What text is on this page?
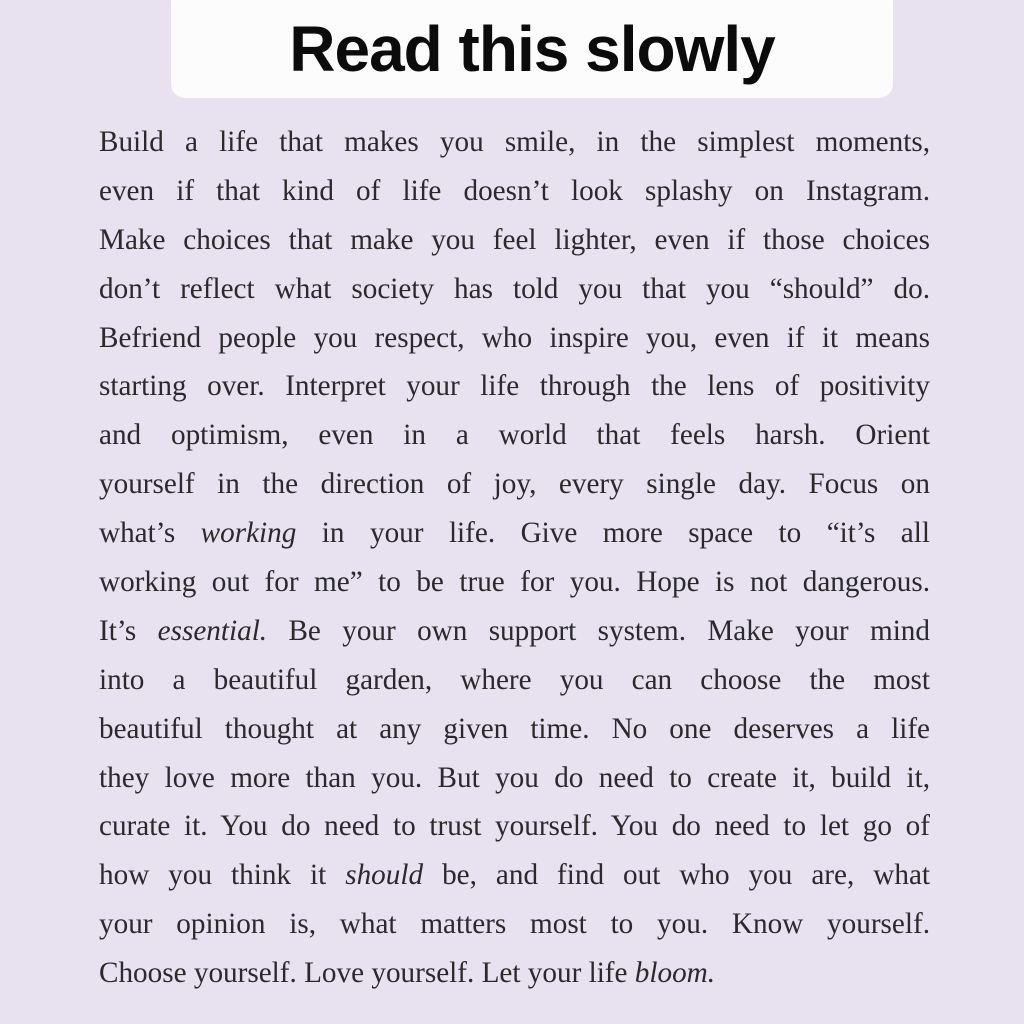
Read this slowly
Build a life that makes you smile, in the simplest moments,
even if that kind of life doesn’t look splashy on Instagram.
Make choices that make you feel lighter, even if those choices
don’t reflect what society has told you that you “should” do.
Befriend people you respect, who inspire you, even if it means
starting over. Interpret your life through the lens of positivity
and optimism, even in a world that feels harsh. Orient
yourself in the direction of joy, every single day. Focus on
what’s working in your life. Give more space to “it’s all
working out for me” to be true for you. Hope is not dangerous.
It’s essential. Be your own support system. Make your mind
into a beautiful garden, where you can choose the most
beautiful thought at any given time. No one deserves a life
they love more than you. But you do need to create it, build it,
curate it. You do need to trust yourself. You do need to let go of
how you think it should be, and find out who you are, what
your opinion is, what matters most to you. Know yourself.
Choose yourself. Love yourself. Let your life bloom.
